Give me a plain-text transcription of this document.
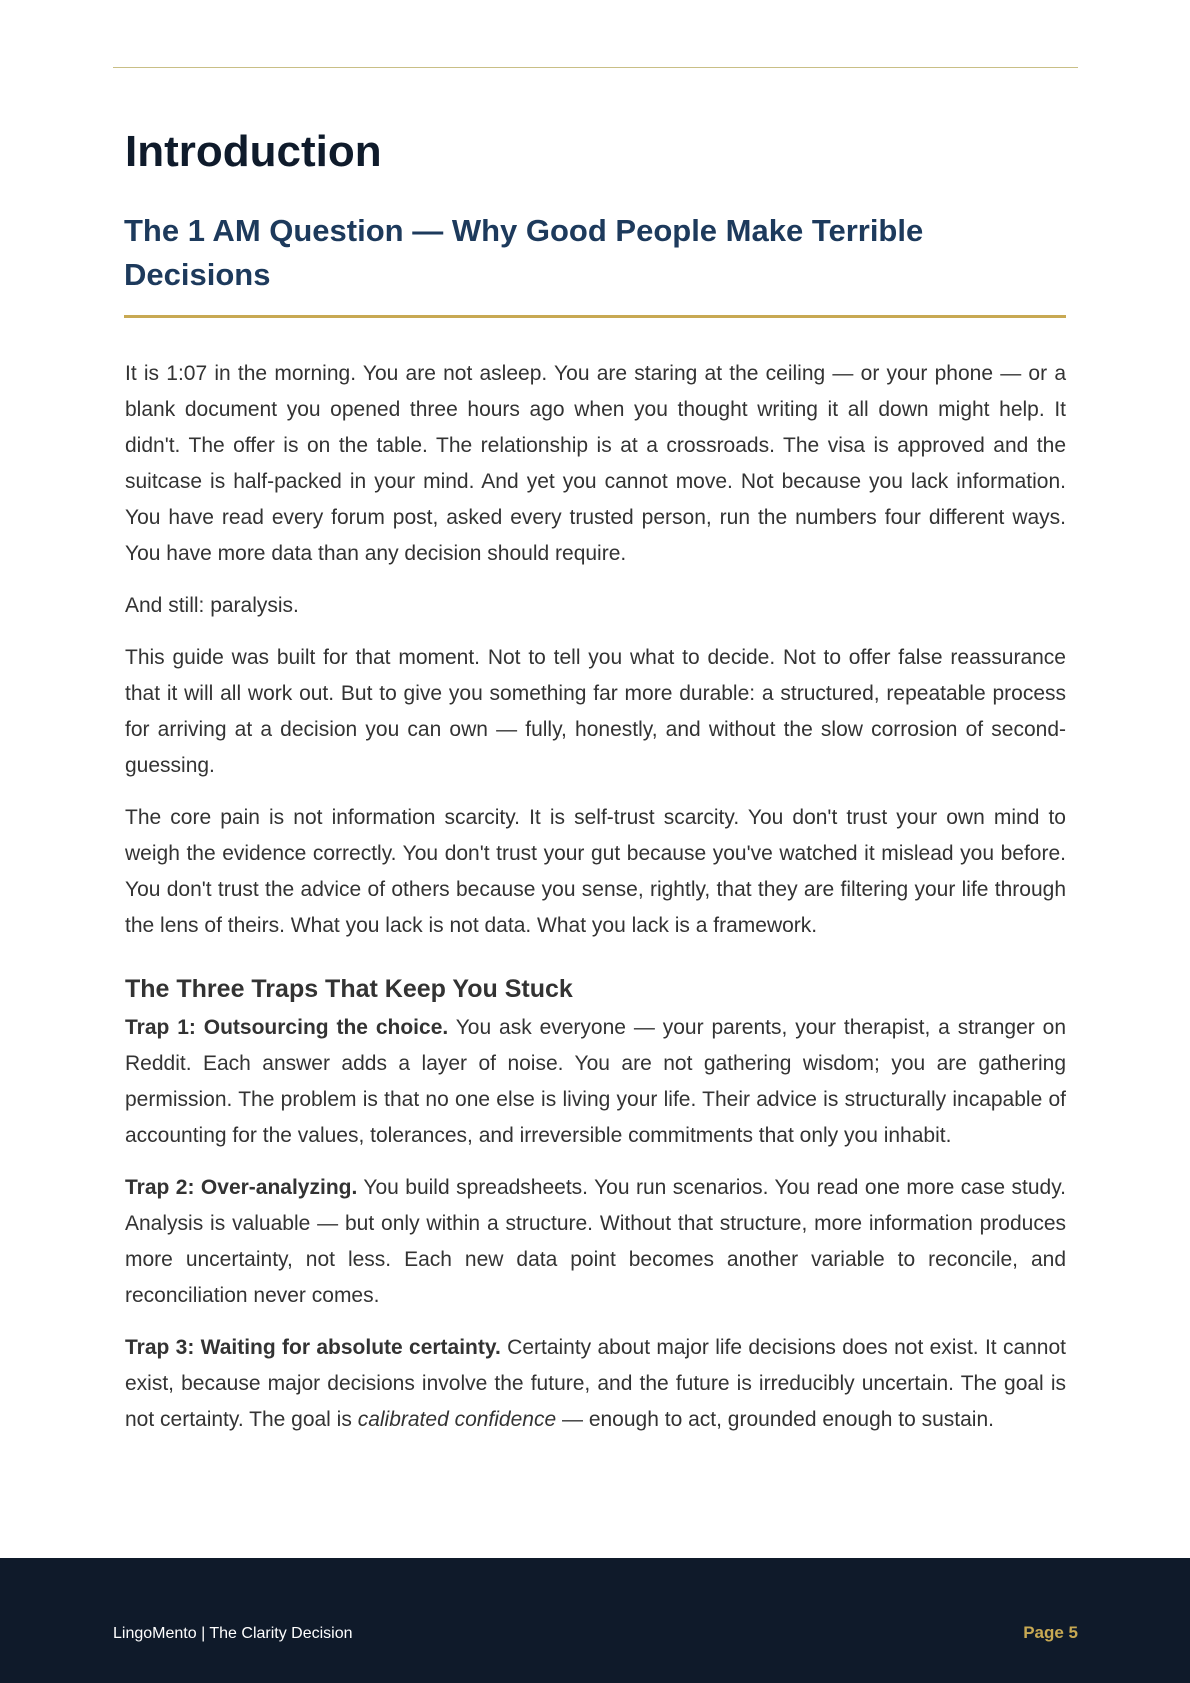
Introduction
The 1 AM Question — Why Good People Make Terrible Decisions

It is 1:07 in the morning. You are not asleep. You are staring at the ceiling — or your phone — or a blank document you opened three hours ago when you thought writing it all down might help. It didn't. The offer is on the table. The relationship is at a crossroads. The visa is approved and the suitcase is half-packed in your mind. And yet you cannot move. Not because you lack information. You have read every forum post, asked every trusted person, run the numbers four different ways. You have more data than any decision should require.

And still: paralysis.

This guide was built for that moment. Not to tell you what to decide. Not to offer false reassurance that it will all work out. But to give you something far more durable: a structured, repeatable process for arriving at a decision you can own — fully, honestly, and without the slow corrosion of second-guessing.

The core pain is not information scarcity. It is self-trust scarcity. You don't trust your own mind to weigh the evidence correctly. You don't trust your gut because you've watched it mislead you before. You don't trust the advice of others because you sense, rightly, that they are filtering your life through the lens of theirs. What you lack is not data. What you lack is a framework.

The Three Traps That Keep You Stuck

Trap 1: Outsourcing the choice. You ask everyone — your parents, your therapist, a stranger on Reddit. Each answer adds a layer of noise. You are not gathering wisdom; you are gathering permission. The problem is that no one else is living your life. Their advice is structurally incapable of accounting for the values, tolerances, and irreversible commitments that only you inhabit.

Trap 2: Over-analyzing. You build spreadsheets. You run scenarios. You read one more case study. Analysis is valuable — but only within a structure. Without that structure, more information produces more uncertainty, not less. Each new data point becomes another variable to reconcile, and reconciliation never comes.

Trap 3: Waiting for absolute certainty. Certainty about major life decisions does not exist. It cannot exist, because major decisions involve the future, and the future is irreducibly uncertain. The goal is not certainty. The goal is calibrated confidence — enough to act, grounded enough to sustain.

LingoMento | The Clarity Decision	Page 5
